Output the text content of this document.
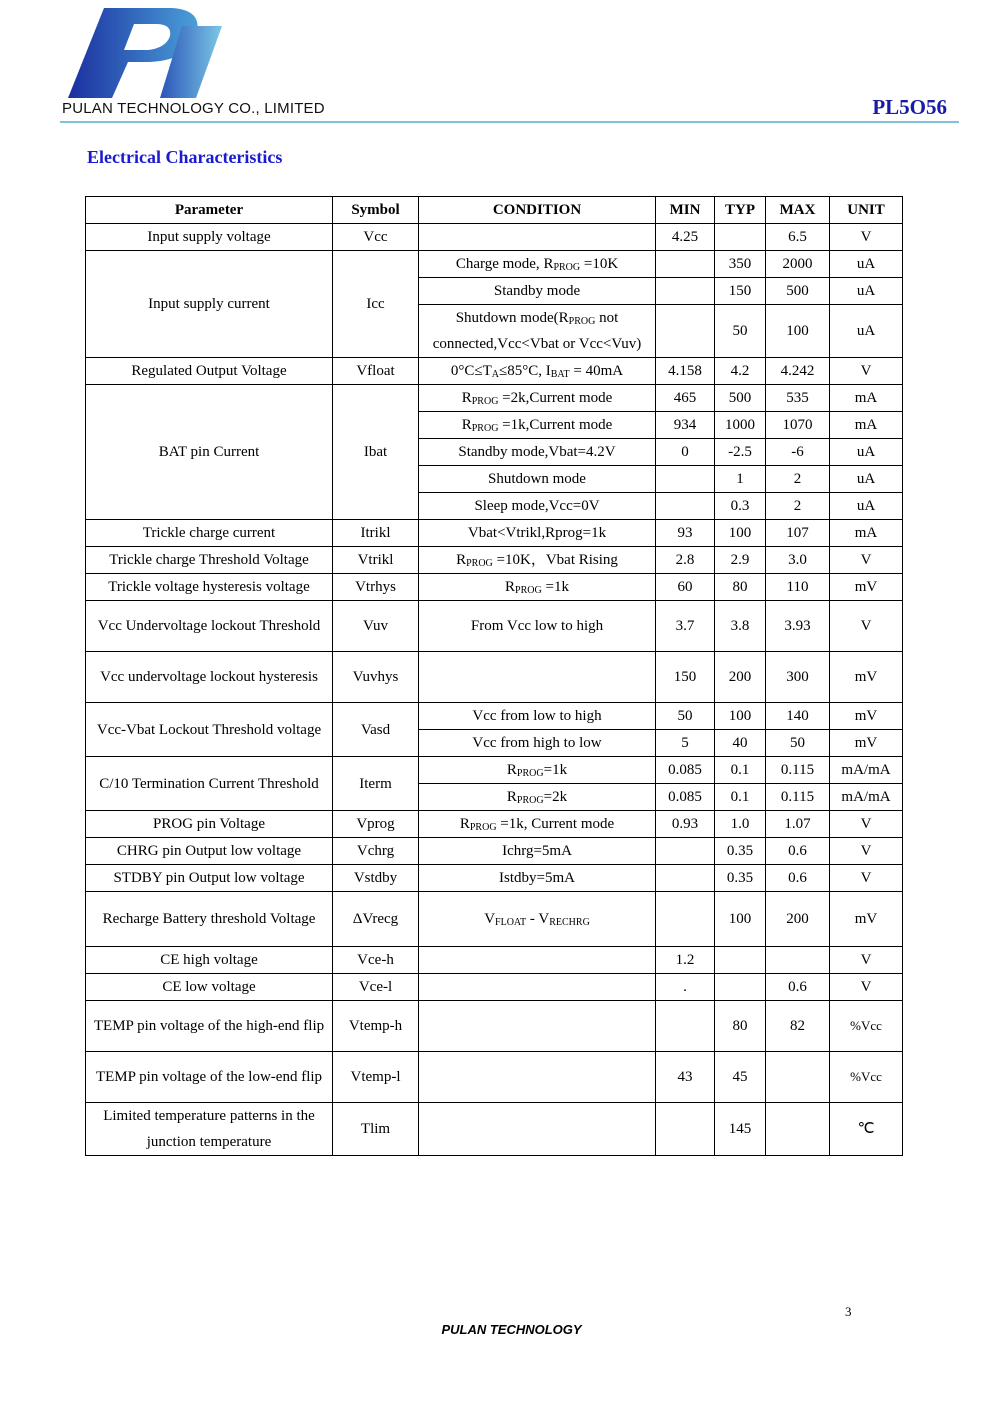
PULAN TECHNOLOGY CO., LIMITED	PL5O56
Electrical Characteristics
Parameter	Symbol	CONDITION	MIN	TYP	MAX	UNIT
Input supply voltage	Vcc		4.25		6.5	V
Input supply current	Icc	Charge mode, $R_{PROG} =10K$		350	2000	uA
		Standby mode		150	500	uA
		Shutdown $mode(R_{PROG}$ not connected,Vcc<Vbat or Vcc<Vuv)		50	100	uA
Regulated Output Voltage	Vfloat	$0^\circ C\le T_A\le 85^\circ C$, $I_{BAT} = 40mA$	4.158	4.2	4.242	V
BAT pin Current	Ibat	$R_{PROG}$ =2k,Current mode	465	500	535	mA
		$R_{PROG}$ =1k,Current mode	934	1000	1070	mA
		Standby mode,Vbat=4.2V	0	-2.5	-6	uA
		Shutdown mode		1	2	uA
		Sleep mode,Vcc=0V		0.3	2	uA
Trickle charge current	Itrikl	Vbat<Vtrikl,Rprog=1k	93	100	107	mA
Trickle charge Threshold Voltage	Vtrikl	$R_{PROG} =10K$，Vbat Rising	2.8	2.9	3.0	V
Trickle voltage hysteresis voltage	Vtrhys	$R_{PROG} =1k$	60	80	110	mV
Vcc Undervoltage lockout Threshold	Vuv	From Vcc low to high	3.7	3.8	3.93	V
Vcc undervoltage lockout hysteresis	Vuvhys		150	200	300	mV
Vcc-Vbat Lockout Threshold voltage	Vasd	Vcc from low to high	50	100	140	mV
		Vcc from high to low	5	40	50	mV
C/10 Termination Current Threshold	Iterm	$R_{PROG}=1k$	0.085	0.1	0.115	mA/mA
		$R_{PROG}=2k$	0.085	0.1	0.115	mA/mA
PROG pin Voltage	Vprog	$R_{PROG} =1k$, Current mode	0.93	1.0	1.07	V
CHRG pin Output low voltage	Vchrg	Ichrg=5mA		0.35	0.6	V
STDBY pin Output low voltage	Vstdby	Istdby=5mA		0.35	0.6	V
Recharge Battery threshold Voltage	ΔVrecg	$V_{FLOAT} - V_{RECHRG}$		100	200	mV
CE high voltage	Vce-h		1.2			V
CE low voltage	Vce-l		.		0.6	V
TEMP pin voltage of the high-end flip	Vtemp-h			80	82	%Vcc
TEMP pin voltage of the low-end flip	Vtemp-l		43	45		%Vcc
Limited temperature patterns in the junction temperature	Tlim			145		℃
3
PULAN TECHNOLOGY
